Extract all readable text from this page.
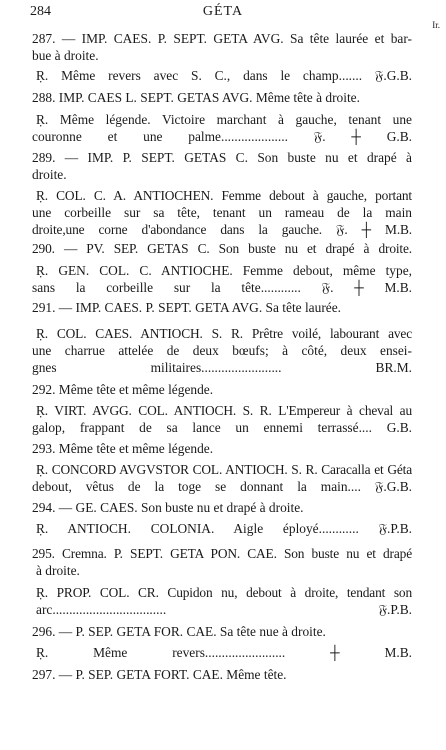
284	GÉTA
Ir.
287. — IMP. CAES. P. SEPT. GETA AVG. Sa tête laurée et bar-
bue à droite.
Ṛ. Même revers avec S. C., dans le champ....... 𝔉.G.B.
288. IMP. CAES L. SEPT. GETAS AVG. Même tête à droite.
Ṛ. Même légende. Victoire marchant à gauche, tenant une
couronne et une palme.................... 𝔉. ┼ G.B.
289. — IMP. P. SEPT. GETAS C. Son buste nu et drapé à
droite.
Ṛ. COL. C. A. ANTIOCHEN. Femme debout à gauche, portant
une corbeille sur sa tête, tenant un rameau de la main
droite,une corne d'abondance dans la gauche. 𝔉. ┼ M.B.
290. — PV. SEP. GETAS C. Son buste nu et drapé à droite.
Ṛ. GEN. COL. C. ANTIOCHE. Femme debout, même type,
sans la corbeille sur la tête............ 𝔉. ┼ M.B.
291. — IMP. CAES. P. SEPT. GETA AVG. Sa tête laurée.
Ṛ. COL. CAES. ANTIOCH. S. R. Prêtre voilé, labourant avec
une charrue attelée de deux bœufs; à côté, deux ensei-
gnes militaires........................ BR.M.
292. Même tête et même légende.
Ṛ. VIRT. AVGG. COL. ANTIOCH. S. R. L'Empereur à cheval au
galop, frappant de sa lance un ennemi terrassé.... G.B.
293. Même tête et même légende.
Ṛ. CONCORD AVGVSTOR COL. ANTIOCH. S. R. Caracalla et Géta
debout, vêtus de la toge se donnant la main.... 𝔉.G.B.
294. — GE. CAES. Son buste nu et drapé à droite.
Ṛ. ANTIOCH. COLONIA. Aigle éployé............ 𝔉.P.B.
295. Cremna. P. SEPT. GETA PON. CAE. Son buste nu et drapé
à droite.
Ṛ. PROP. COL. CR. Cupidon nu, debout à droite, tendant son
arc.................................. 𝔉.P.B.
296. — P. SEP. GETA FOR. CAE. Sa tête nue à droite.
Ṛ. Même revers........................ ┼ M.B.
297. — P. SEP. GETA FORT. CAE. Même tête.
